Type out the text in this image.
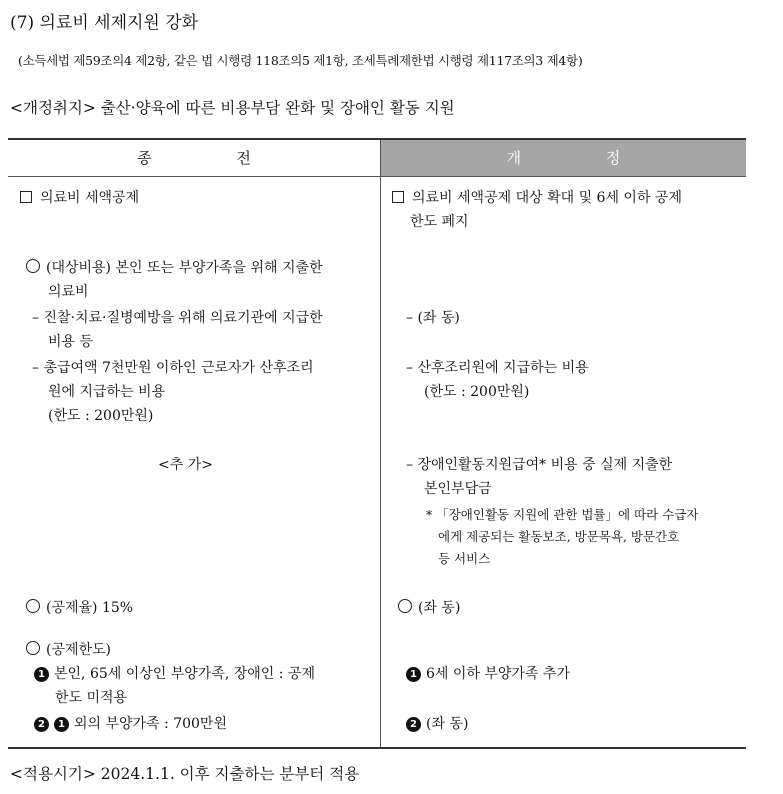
(7) 의료비 세제지원 강화
(소득세법 제59조의4 제2항, 같은 법 시행령 118조의5 제1항, 조세특례제한법 시행령 제117조의3 제4항)
<개정취지> 출산·양육에 따른 비용부담 완화 및 장애인 활동 지원
종 전	개 정
의료비 세액공제
(대상비용) 본인 또는 부양가족을 위해 지출한
의료비
– 진찰·치료·질병예방을 위해 의료기관에 지급한
비용 등
– 총급여액 7천만원 이하인 근로자가 산후조리
원에 지급하는 비용
(한도 : 200만원)
<추 가>
(공제율) 15%
(공제한도)
1 본인, 65세 이상인 부양가족, 장애인 : 공제
한도 미적용
2 1 외의 부양가족 : 700만원
의료비 세액공제 대상 확대 및 6세 이하 공제
한도 폐지
– (좌 동)
– 산후조리원에 지급하는 비용
(한도 : 200만원)
– 장애인활동지원급여* 비용 중 실제 지출한
본인부담금
* 「장애인활동 지원에 관한 법률」에 따라 수급자
에게 제공되는 활동보조, 방문목욕, 방문간호
등 서비스
(좌 동)
1 6세 이하 부양가족 추가
2 (좌 동)
<적용시기> 2024.1.1. 이후 지출하는 분부터 적용
